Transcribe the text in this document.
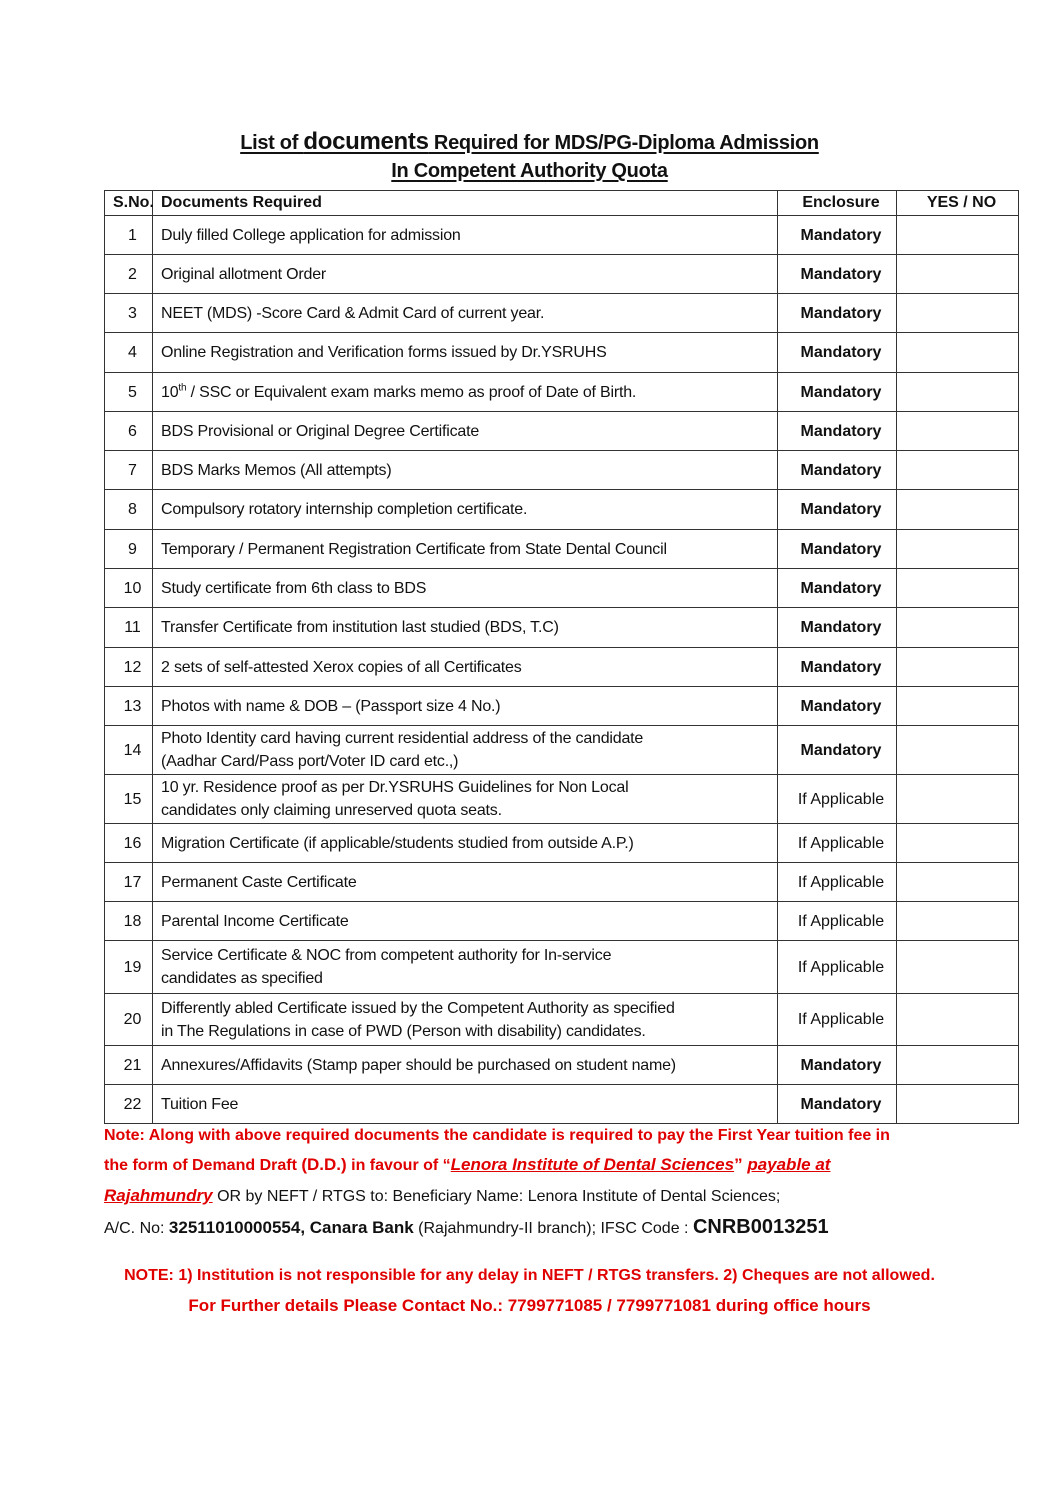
List of documents Required for MDS/PG-Diploma Admission
In Competent Authority Quota
S.No.	Documents Required	Enclosure	YES / NO
1	Duly filled College application for admission	Mandatory	
2	Original allotment Order	Mandatory	
3	NEET (MDS) -Score Card & Admit Card of current year.	Mandatory	
4	Online Registration and Verification forms issued by Dr.YSRUHS	Mandatory	
5	10th / SSC or Equivalent exam marks memo as proof of Date of Birth.	Mandatory	
6	BDS Provisional or Original Degree Certificate	Mandatory	
7	BDS Marks Memos (All attempts)	Mandatory	
8	Compulsory rotatory internship completion certificate.	Mandatory	
9	Temporary / Permanent Registration Certificate from State Dental Council	Mandatory	
10	Study certificate from 6th class to BDS	Mandatory	
11	Transfer Certificate from institution last studied (BDS, T.C)	Mandatory	
12	2 sets of self-attested Xerox copies of all Certificates	Mandatory	
13	Photos with name & DOB – (Passport size 4 No.)	Mandatory	
14	Photo Identity card having current residential address of the candidate
(Aadhar Card/Pass port/Voter ID card etc.,)	Mandatory	
15	10 yr. Residence proof as per Dr.YSRUHS Guidelines for Non Local
candidates only claiming unreserved quota seats.	If Applicable	
16	Migration Certificate (if applicable/students studied from outside A.P.)	If Applicable	
17	Permanent Caste Certificate	If Applicable	
18	Parental Income Certificate	If Applicable	
19	Service Certificate & NOC from competent authority for In-service
candidates as specified	If Applicable	
20	Differently abled Certificate issued by the Competent Authority as specified
in The Regulations in case of PWD (Person with disability) candidates.	If Applicable	
21	Annexures/Affidavits (Stamp paper should be purchased on student name)	Mandatory	
22	Tuition Fee	Mandatory	
Note: Along with above required documents the candidate is required to pay the First Year tuition fee in
the form of Demand Draft (D.D.) in favour of “Lenora Institute of Dental Sciences” payable at
Rajahmundry OR by NEFT / RTGS to: Beneficiary Name: Lenora Institute of Dental Sciences;
A/C. No: 32511010000554, Canara Bank (Rajahmundry-II branch); IFSC Code : CNRB0013251
NOTE: 1) Institution is not responsible for any delay in NEFT / RTGS transfers. 2) Cheques are not allowed.
For Further details Please Contact No.: 7799771085 / 7799771081 during office hours
